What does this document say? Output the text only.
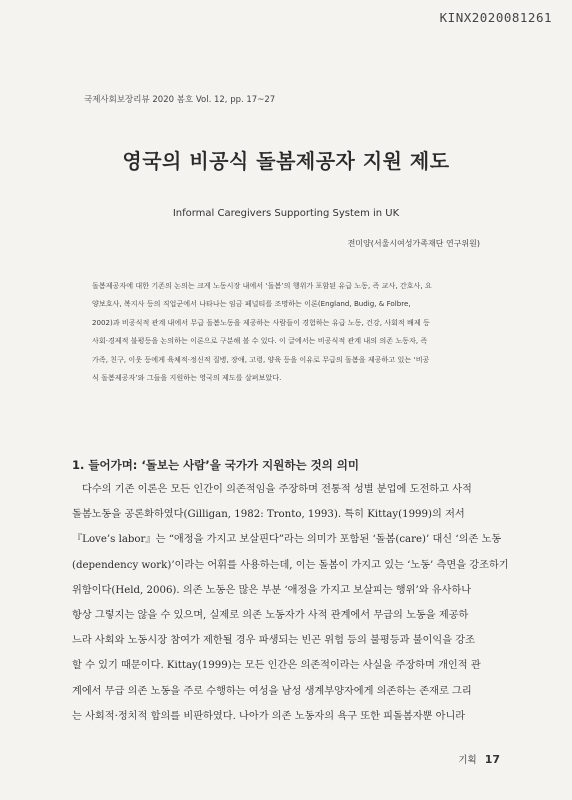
KINX2020081261
국제사회보장리뷰 2020 봄호 Vol. 12, pp. 17~27
영국의 비공식 돌봄제공자 지원 제도
Informal Caregivers Supporting System in UK
전미양(서울시여성가족재단 연구위원)
돌봄제공자에 대한 기존의 논의는 크게 노동시장 내에서 ‘돌봄’의 행위가 포함된 유급 노동, 즉 교사, 간호사, 요
양보호사, 복지사 등의 직업군에서 나타나는 임금 페널티를 조명하는 이론(England, Budig, & Folbre,
2002)과 비공식적 관계 내에서 무급 돌봄노동을 제공하는 사람들이 경험하는 유급 노동, 건강, 사회적 배제 등
사회·경제적 불평등을 논의하는 이론으로 구분해 볼 수 있다. 이 글에서는 비공식적 관계 내의 의존 노동자, 즉
가족, 친구, 이웃 등에게 육체적·정신적 질병, 장애, 고령, 양육 등을 이유로 무급의 돌봄을 제공하고 있는 ‘비공
식 돌봄제공자’와 그들을 지원하는 영국의 제도를 살펴보았다.
1. 들어가며: ‘돌보는 사람’을 국가가 지원하는 것의 의미
다수의 기존 이론은 모든 인간이 의존적임을 주장하며 전통적 성별 분업에 도전하고 사적
돌봄노동을 공론화하였다(Gilligan, 1982: Tronto, 1993). 특히 Kittay(1999)의 저서
『Love’s labor』는 “애정을 가지고 보살핀다”라는 의미가 포함된 ‘돌봄(care)’ 대신 ‘의존 노동
(dependency work)’이라는 어휘를 사용하는데, 이는 돌봄이 가지고 있는 ‘노동’ 측면을 강조하기
위함이다(Held, 2006). 의존 노동은 많은 부분 ‘애정을 가지고 보살피는 행위’와 유사하나
항상 그렇지는 않을 수 있으며, 실제로 의존 노동자가 사적 관계에서 무급의 노동을 제공하
느라 사회와 노동시장 참여가 제한될 경우 파생되는 빈곤 위험 등의 불평등과 불이익을 강조
할 수 있기 때문이다. Kittay(1999)는 모든 인간은 의존적이라는 사실을 주장하며 개인적 관
계에서 무급 의존 노동을 주로 수행하는 여성을 남성 생계부양자에게 의존하는 존재로 그리
는 사회적·정치적 합의를 비판하였다. 나아가 의존 노동자의 욕구 또한 피돌봄자뿐 아니라
기획 17
